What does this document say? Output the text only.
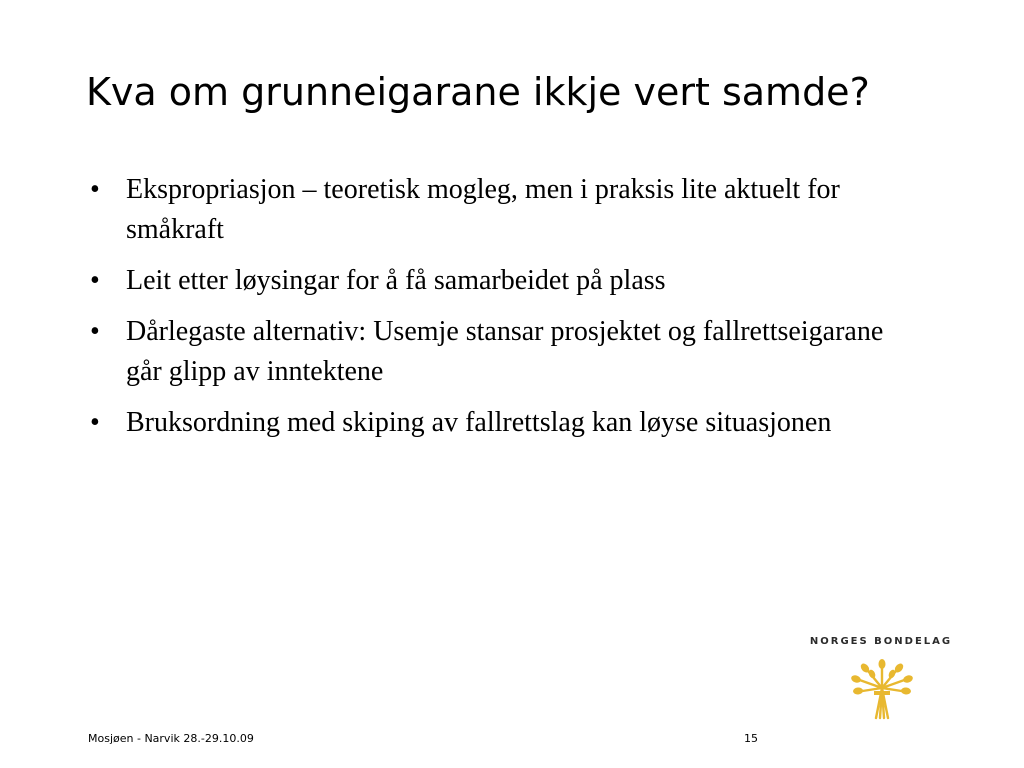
Kva om grunneigarane ikkje vert samde?
• Ekspropriasjon – teoretisk mogleg, men i praksis lite aktuelt for småkraft
• Leit etter løysingar for å få samarbeidet på plass
• Dårlegaste alternativ: Usemje stansar prosjektet og fallrettseigarane går glipp av inntektene
• Bruksordning med skiping av fallrettslag kan løyse situasjonen
NORGES BONDELAG
Mosjøen - Narvik 28.-29.10.09	15
